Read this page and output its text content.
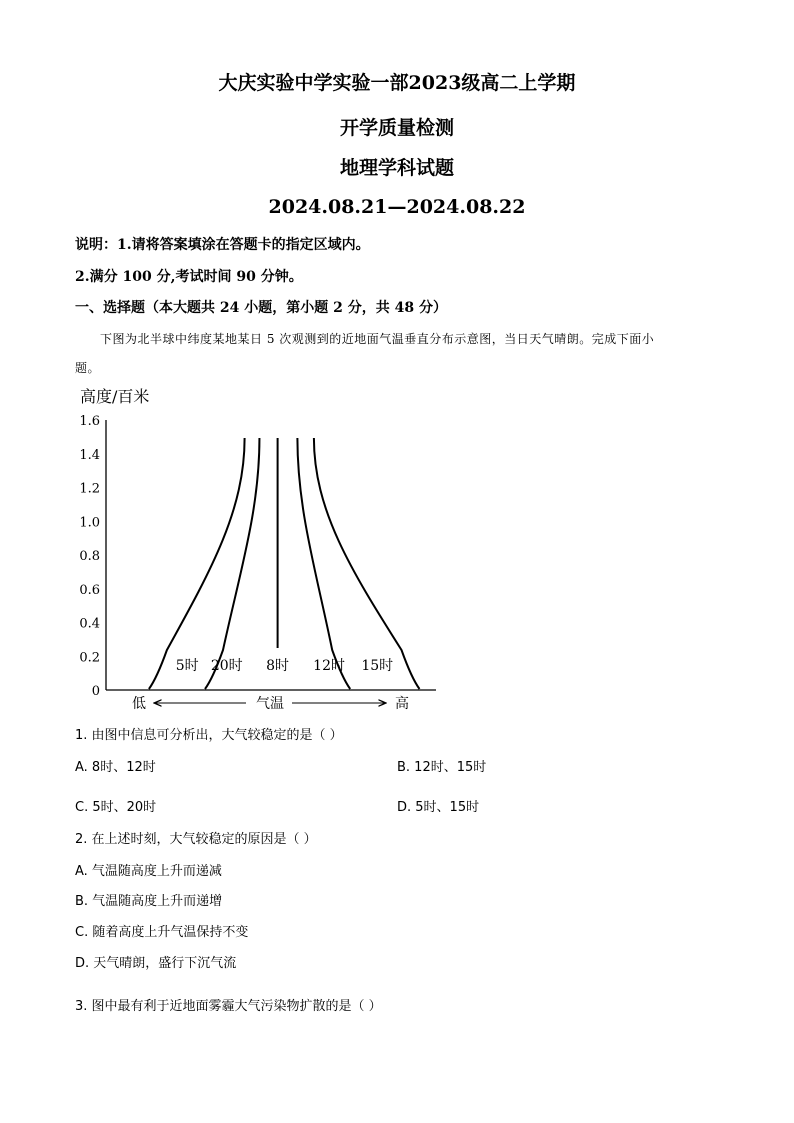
大庆实验中学实验一部2023级高二上学期
开学质量检测
地理学科试题
2024.08.21—2024.08.22
说明：1.请将答案填涂在答题卡的指定区域内。
2.满分 100 分,考试时间 90 分钟。
一、选择题（本大题共 24 小题，第小题 2 分，共 48 分）
下图为北半球中纬度某地某日 5 次观测到的近地面气温垂直分布示意图，当日天气晴朗。完成下面小
题。
高度/百米
1.6
1.4
1.2
1.0
0.8
0.6
0.4
0.2
0
5时 20时 8时 12时 15时
低	气温	高
1. 由图中信息可分析出，大气较稳定的是（ ）
A. 8时、12时	B. 12时、15时
C. 5时、20时	D. 5时、15时
2. 在上述时刻，大气较稳定的原因是（ ）
A. 气温随高度上升而递减
B. 气温随高度上升而递增
C. 随着高度上升气温保持不变
D. 天气晴朗，盛行下沉气流
3. 图中最有利于近地面雾霾大气污染物扩散的是（ ）
